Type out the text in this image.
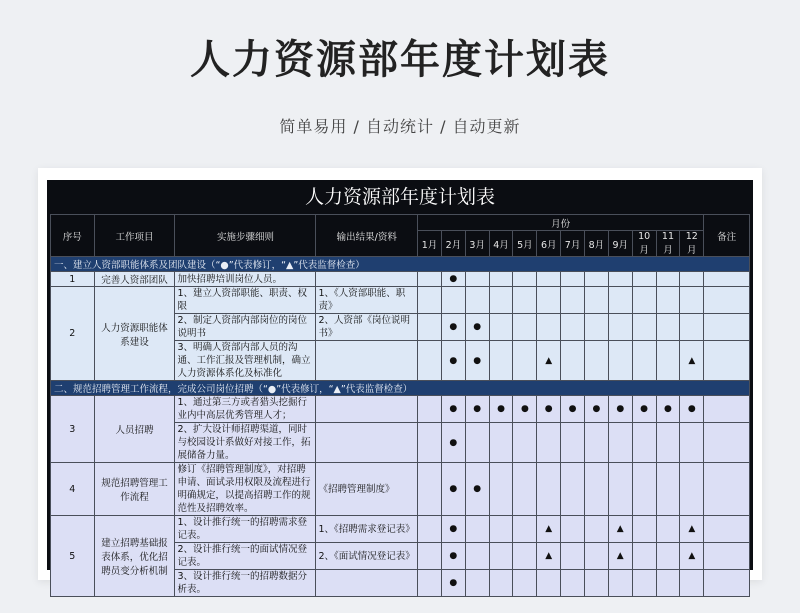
人力资源部年度计划表
简单易用 / 自动统计 / 自动更新
人力资源部年度计划表
序号	工作项目	实施步骤细则	输出结果/资料	月份												备注
				1月	2月	3月	4月	5月	6月	7月	8月	9月	10月	11月	12月	
一、建立人资部职能体系及团队建设（“●”代表修订，“▲”代表监督检查）																
1	完善人资部团队	加快招聘培训岗位人员。			●											
2	人力资源职能体系建设	1、建立人资部职能、职责、权限	1、《人资部职能、职责》													
		2、制定人资部内部岗位的岗位说明书	2、人资部《岗位说明书》		●	●										
		3、明确人资部内部人员的沟通、工作汇报及管理机制，确立人力资源体系化及标准化			●	●			▲						▲	
二、规范招聘管理工作流程，完成公司岗位招聘（“●”代表修订，“▲”代表监督检查）																
3	人员招聘	1、通过第三方或者猎头挖掘行业内中高层优秀管理人才；			●	●	●	●	●	●	●	●	●	●	●	
		2、扩大设计师招聘渠道，同时与校园设计系做好对接工作，拓展储备力量。			●											
4	规范招聘管理工作流程	修订《招聘管理制度》，对招聘申请、面试录用权限及流程进行明确规定，以提高招聘工作的规范性及招聘效率。	《招聘管理制度》		●	●										
5	建立招聘基础报表体系，优化招聘员变分析机制	1、设计推行统一的招聘需求登记表。	1、《招聘需求登记表》		●				▲			▲			▲	
		2、设计推行统一的面试情况登记表。	2、《面试情况登记表》		●				▲			▲			▲	
		3、设计推行统一的招聘数据分析表。			●											
